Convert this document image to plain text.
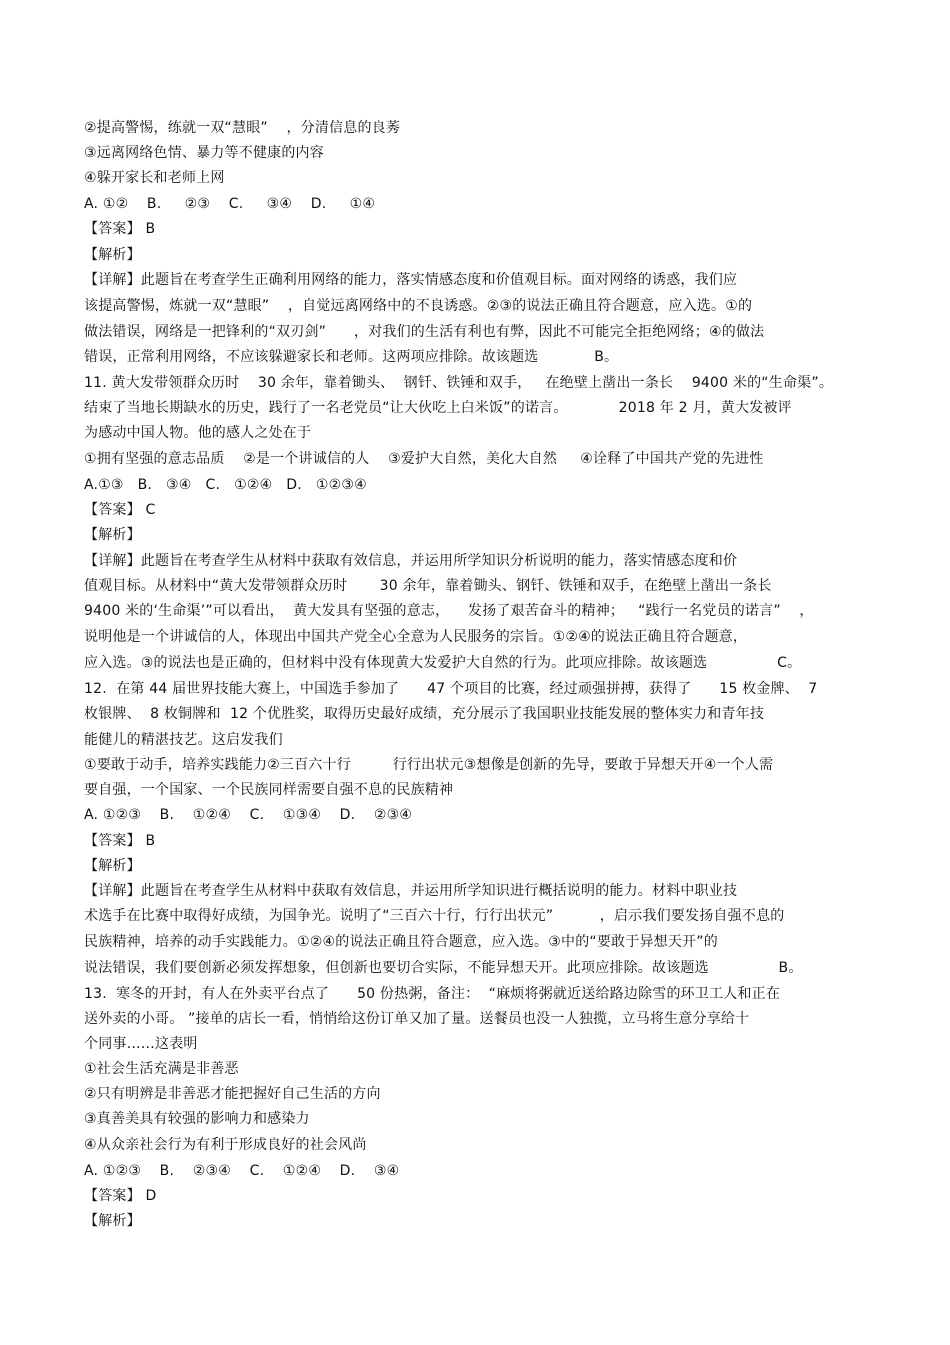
②提高警惕，练就一双“慧眼”    ，分清信息的良莠
③远离网络色情、暴力等不健康的内容
④躲开家长和老师上网
A. ①②    B.     ②③    C.     ③④    D.     ①④
【答案】 B
【解析】
【详解】此题旨在考查学生正确利用网络的能力，落实情感态度和价值观目标。面对网络的诱惑，我们应
该提高警惕，炼就一双“慧眼”    ，自觉远离网络中的不良诱惑。②③的说法正确且符合题意，应入选。①的
做法错误，网络是一把锋利的“双刃剑”      ，对我们的生活有利也有弊，因此不可能完全拒绝网络；④的做法
错误，正常利用网络，不应该躲避家长和老师。这两项应排除。故该题选            B。
11. 黄大发带领群众历时    30 余年，靠着锄头、  钢钎、铁锤和双手，   在绝壁上凿出一条长    9400 米的“生命渠”。
结束了当地长期缺水的历史，践行了一名老党员“让大伙吃上白米饭”的诺言。           2018 年 2 月，黄大发被评
为感动中国人物。他的感人之处在于
①拥有坚强的意志品质    ②是一个讲诚信的人    ③爱护大自然，美化大自然     ④诠释了中国共产党的先进性
A.①③   B.   ③④   C.   ①②④   D.   ①②③④
【答案】 C
【解析】
【详解】此题旨在考查学生从材料中获取有效信息，并运用所学知识分析说明的能力，落实情感态度和价
值观目标。从材料中“黄大发带领群众历时       30 余年，靠着锄头、钢钎、铁锤和双手，在绝壁上凿出一条长
9400 米的‘生命渠’”可以看出，  黄大发具有坚强的意志，    发扬了艰苦奋斗的精神；   “践行一名党员的诺言”    ，
说明他是一个讲诚信的人，体现出中国共产党全心全意为人民服务的宗旨。①②④的说法正确且符合题意，
应入选。③的说法也是正确的，但材料中没有体现黄大发爱护大自然的行为。此项应排除。故该题选               C。
12.  在第 44 届世界技能大赛上，中国选手参加了      47 个项目的比赛，经过顽强拼搏，获得了      15 枚金牌、  7
枚银牌、  8 枚铜牌和  12 个优胜奖，取得历史最好成绩，充分展示了我国职业技能发展的整体实力和青年技
能健儿的精湛技艺。这启发我们
①要敢于动手，培养实践能力②三百六十行         行行出状元③想像是创新的先导，要敢于异想天开④一个人需
要自强，一个国家、一个民族同样需要自强不息的民族精神
A. ①②③    B.    ①②④    C.    ①③④    D.    ②③④
【答案】 B
【解析】
【详解】此题旨在考查学生从材料中获取有效信息，并运用所学知识进行概括说明的能力。材料中职业技
术选手在比赛中取得好成绩，为国争光。说明了“三百六十行，行行出状元”          ，启示我们要发扬自强不息的
民族精神，培养的动手实践能力。①②④的说法正确且符合题意，应入选。③中的“要敢于异想天开”的
说法错误，我们要创新必须发挥想象，但创新也要切合实际，不能异想天开。此项应排除。故该题选               B。
13.  寒冬的开封，有人在外卖平台点了      50 份热粥，备注：  “麻烦将粥就近送给路边除雪的环卫工人和正在
送外卖的小哥。 ”接单的店长一看，悄悄给这份订单又加了量。送餐员也没一人独揽，立马将生意分享给十
个同事……这表明
①社会生活充满是非善恶
②只有明辨是非善恶才能把握好自己生活的方向
③真善美具有较强的影响力和感染力
④从众亲社会行为有利于形成良好的社会风尚
A. ①②③    B.    ②③④    C.    ①②④    D.    ③④
【答案】 D
【解析】
